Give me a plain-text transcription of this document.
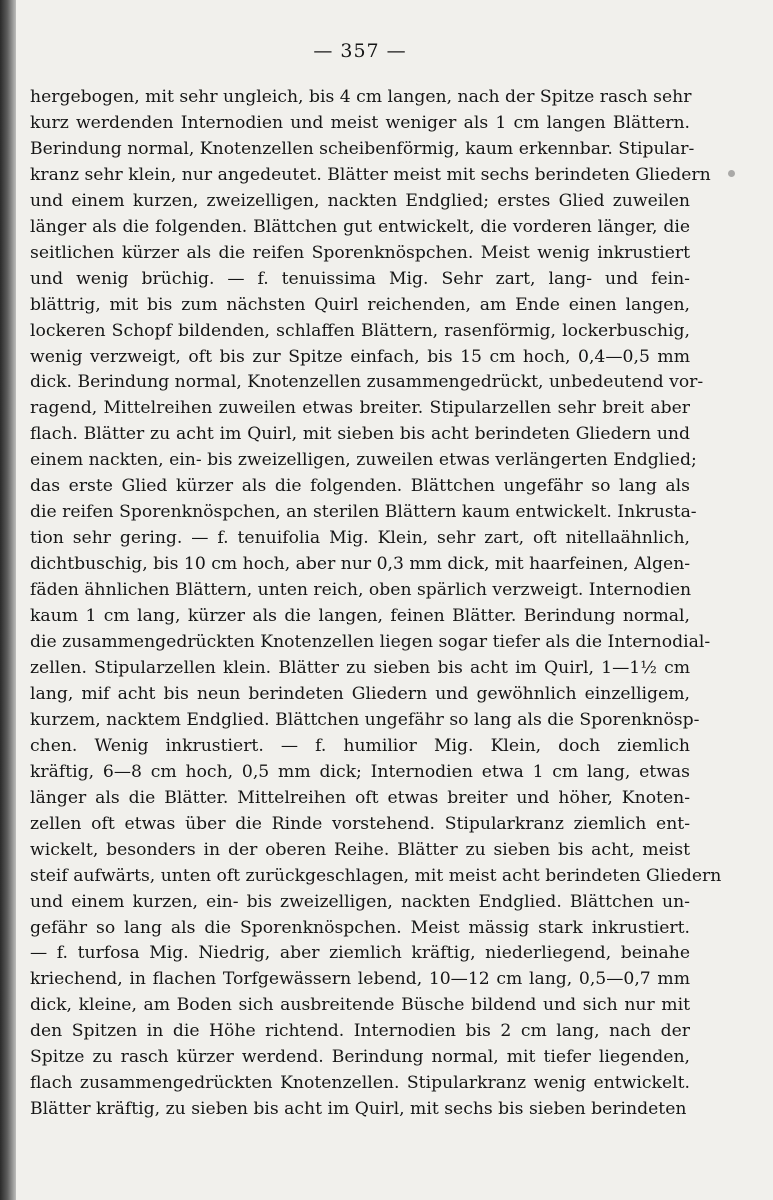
— 357 —
hergebogen, mit sehr ungleich, bis 4 cm langen, nach der Spitze rasch sehr
kurz werdenden Internodien und meist weniger als 1 cm langen Blättern.
Berindung normal, Knotenzellen scheibenförmig, kaum erkennbar. Stipular-
kranz sehr klein, nur angedeutet. Blätter meist mit sechs berindeten Gliedern
und einem kurzen, zweizelligen, nackten Endglied; erstes Glied zuweilen
länger als die folgenden. Blättchen gut entwickelt, die vorderen länger, die
seitlichen kürzer als die reifen Sporenknöspchen. Meist wenig inkrustiert
und wenig brüchig. — f. tenuissima Mig. Sehr zart, lang- und fein-
blättrig, mit bis zum nächsten Quirl reichenden, am Ende einen langen,
lockeren Schopf bildenden, schlaffen Blättern, rasenförmig, lockerbuschig,
wenig verzweigt, oft bis zur Spitze einfach, bis 15 cm hoch, 0,4—0,5 mm
dick. Berindung normal, Knotenzellen zusammengedrückt, unbedeutend vor-
ragend, Mittelreihen zuweilen etwas breiter. Stipularzellen sehr breit aber
flach. Blätter zu acht im Quirl, mit sieben bis acht berindeten Gliedern und
einem nackten, ein- bis zweizelligen, zuweilen etwas verlängerten Endglied;
das erste Glied kürzer als die folgenden. Blättchen ungefähr so lang als
die reifen Sporenknöspchen, an sterilen Blättern kaum entwickelt. Inkrusta-
tion sehr gering. — f. tenuifolia Mig. Klein, sehr zart, oft nitellaähnlich,
dichtbuschig, bis 10 cm hoch, aber nur 0,3 mm dick, mit haarfeinen, Algen-
fäden ähnlichen Blättern, unten reich, oben spärlich verzweigt. Internodien
kaum 1 cm lang, kürzer als die langen, feinen Blätter. Berindung normal,
die zusammengedrückten Knotenzellen liegen sogar tiefer als die Internodial-
zellen. Stipularzellen klein. Blätter zu sieben bis acht im Quirl, 1—1½ cm
lang, mif acht bis neun berindeten Gliedern und gewöhnlich einzelligem,
kurzem, nacktem Endglied. Blättchen ungefähr so lang als die Sporenknösp-
chen. Wenig inkrustiert. — f. humilior Mig. Klein, doch ziemlich
kräftig, 6—8 cm hoch, 0,5 mm dick; Internodien etwa 1 cm lang, etwas
länger als die Blätter. Mittelreihen oft etwas breiter und höher, Knoten-
zellen oft etwas über die Rinde vorstehend. Stipularkranz ziemlich ent-
wickelt, besonders in der oberen Reihe. Blätter zu sieben bis acht, meist
steif aufwärts, unten oft zurückgeschlagen, mit meist acht berindeten Gliedern
und einem kurzen, ein- bis zweizelligen, nackten Endglied. Blättchen un-
gefähr so lang als die Sporenknöspchen. Meist mässig stark inkrustiert.
— f. turfosa Mig. Niedrig, aber ziemlich kräftig, niederliegend, beinahe
kriechend, in flachen Torfgewässern lebend, 10—12 cm lang, 0,5—0,7 mm
dick, kleine, am Boden sich ausbreitende Büsche bildend und sich nur mit
den Spitzen in die Höhe richtend. Internodien bis 2 cm lang, nach der
Spitze zu rasch kürzer werdend. Berindung normal, mit tiefer liegenden,
flach zusammengedrückten Knotenzellen. Stipularkranz wenig entwickelt.
Blätter kräftig, zu sieben bis acht im Quirl, mit sechs bis sieben berindeten
